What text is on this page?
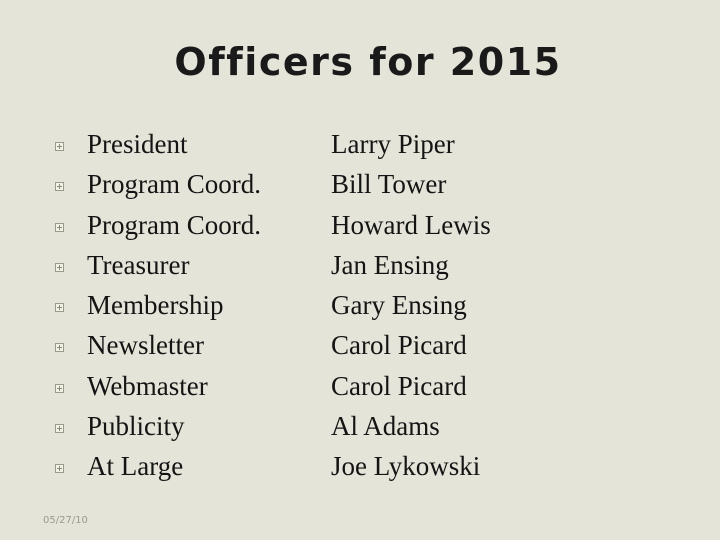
Officers for 2015
President	Larry Piper
Program Coord.	Bill Tower
Program Coord.	Howard Lewis
Treasurer	Jan Ensing
Membership	Gary Ensing
Newsletter	Carol Picard
Webmaster	Carol Picard
Publicity	Al Adams
At Large	Joe Lykowski
05/27/10
